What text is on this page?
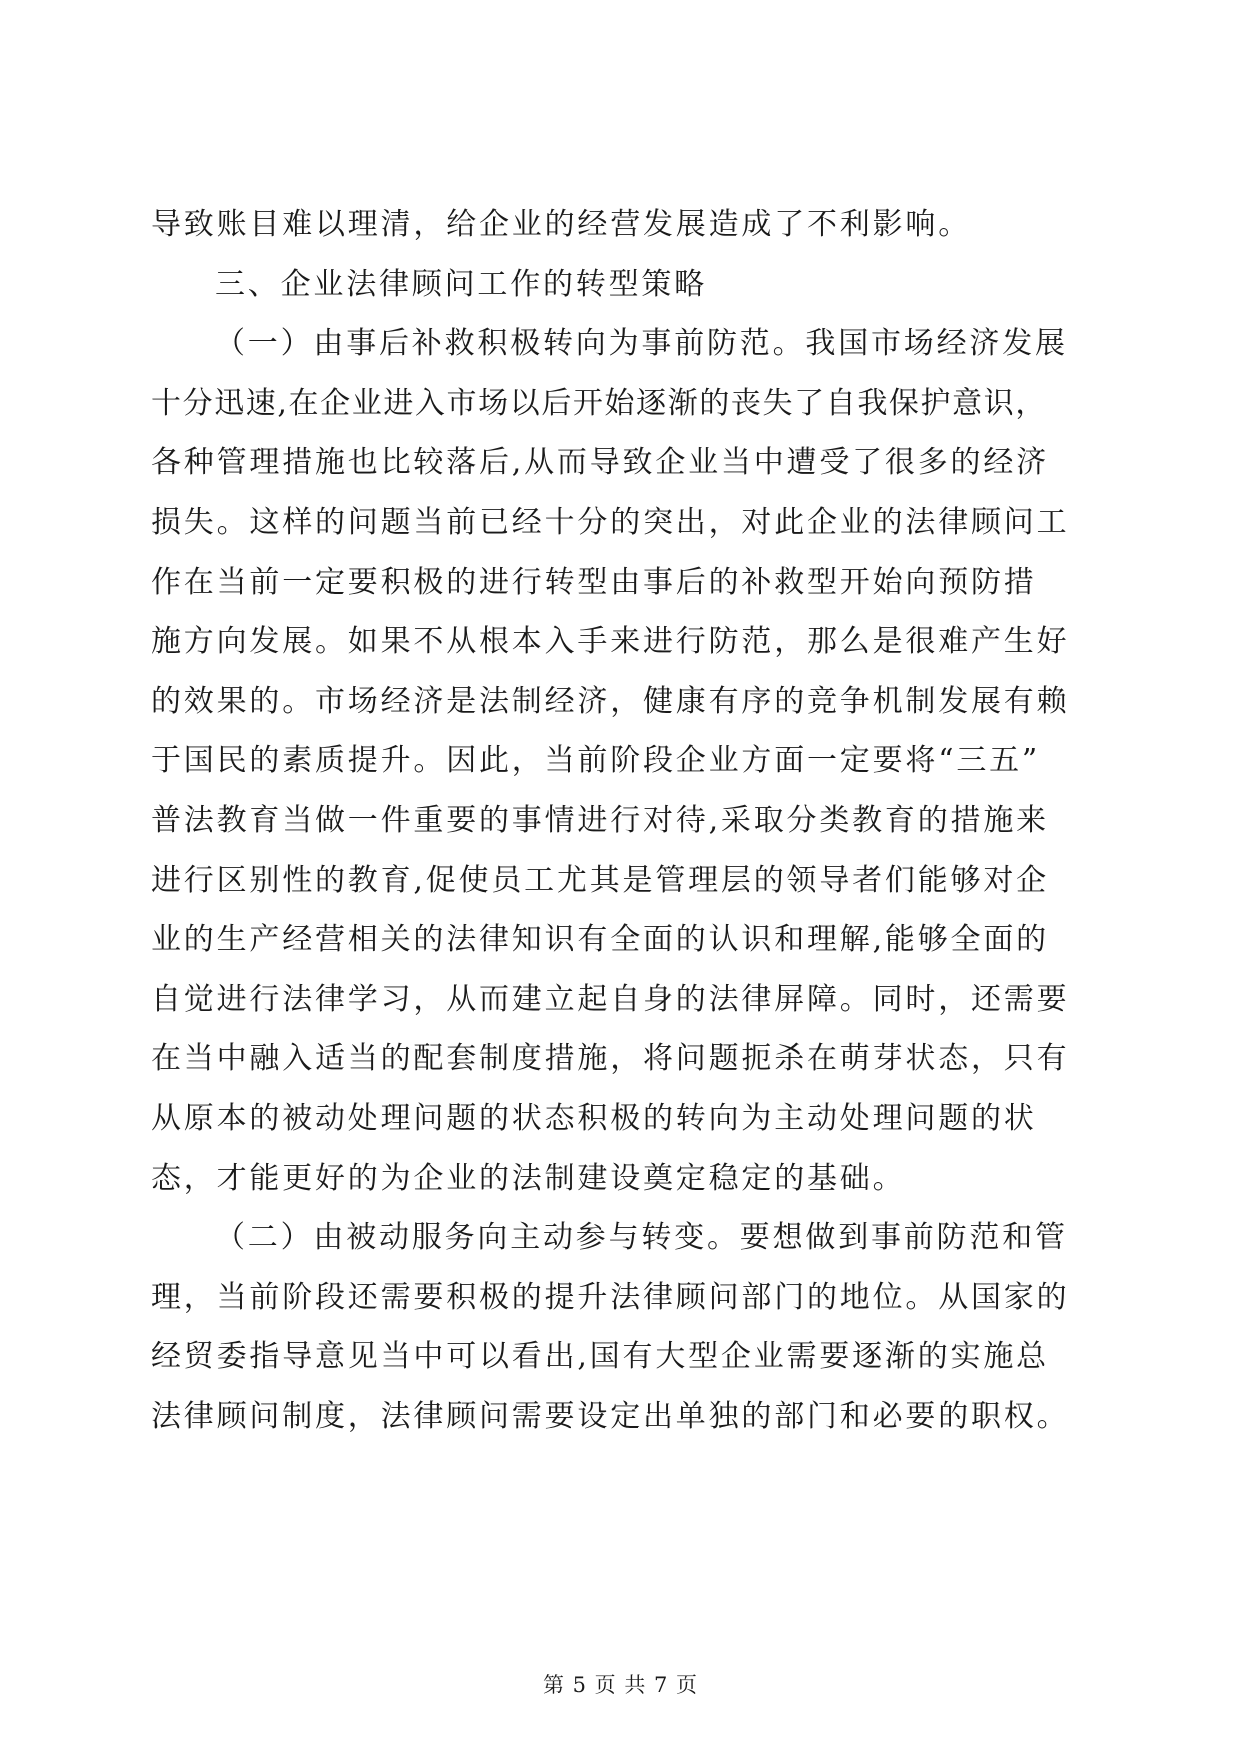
导致账目难以理清，给企业的经营发展造成了不利影响。
三、企业法律顾问工作的转型策略
（一）由事后补救积极转向为事前防范。我国市场经济发展
十分迅速,在企业进入市场以后开始逐渐的丧失了自我保护意识，
各种管理措施也比较落后,从而导致企业当中遭受了很多的经济
损失。这样的问题当前已经十分的突出，对此企业的法律顾问工
作在当前一定要积极的进行转型由事后的补救型开始向预防措
施方向发展。如果不从根本入手来进行防范，那么是很难产生好
的效果的。市场经济是法制经济，健康有序的竞争机制发展有赖
于国民的素质提升。因此，当前阶段企业方面一定要将“三五”
普法教育当做一件重要的事情进行对待,采取分类教育的措施来
进行区别性的教育,促使员工尤其是管理层的领导者们能够对企
业的生产经营相关的法律知识有全面的认识和理解,能够全面的
自觉进行法律学习，从而建立起自身的法律屏障。同时，还需要
在当中融入适当的配套制度措施，将问题扼杀在萌芽状态，只有
从原本的被动处理问题的状态积极的转向为主动处理问题的状
态，才能更好的为企业的法制建设奠定稳定的基础。
（二）由被动服务向主动参与转变。要想做到事前防范和管
理，当前阶段还需要积极的提升法律顾问部门的地位。从国家的
经贸委指导意见当中可以看出,国有大型企业需要逐渐的实施总
法律顾问制度，法律顾问需要设定出单独的部门和必要的职权。
第 5 页 共 7 页
